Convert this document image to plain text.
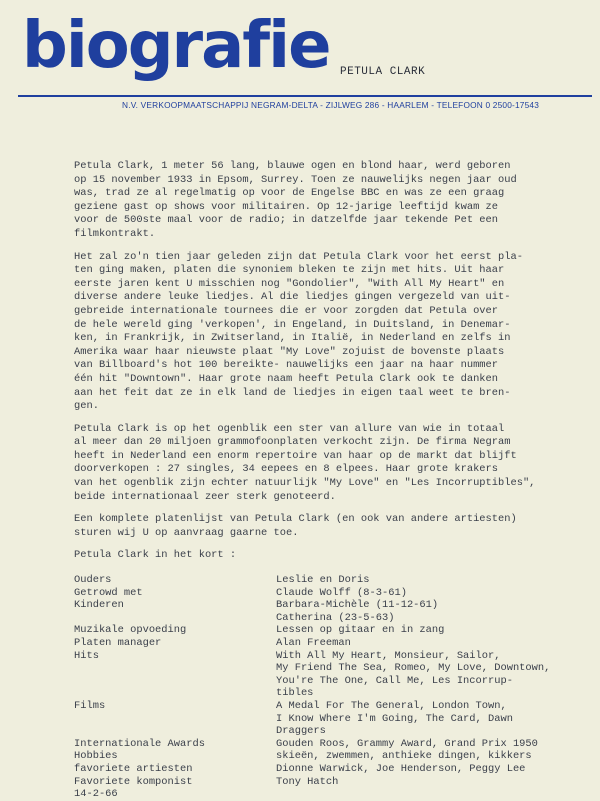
biografie PETULA CLARK
N.V. VERKOOPMAATSCHAPPIJ NEGRAM-DELTA - ZIJLWEG 286 - HAARLEM - TELEFOON 0 2500-17543

Petula Clark, 1 meter 56 lang, blauwe ogen en blond haar, werd geboren
op 15 november 1933 in Epsom, Surrey. Toen ze nauwelijks negen jaar oud
was, trad ze al regelmatig op voor de Engelse BBC en was ze een graag
geziene gast op shows voor militairen. Op 12-jarige leeftijd kwam ze
voor de 500ste maal voor de radio; in datzelfde jaar tekende Pet een
filmkontrakt.

Het zal zo'n tien jaar geleden zijn dat Petula Clark voor het eerst pla-
ten ging maken, platen die synoniem bleken te zijn met hits. Uit haar
eerste jaren kent U misschien nog "Gondolier", "With All My Heart" en
diverse andere leuke liedjes. Al die liedjes gingen vergezeld van uit-
gebreide internationale tournees die er voor zorgden dat Petula over
de hele wereld ging 'verkopen', in Engeland, in Duitsland, in Denemar-
ken, in Frankrijk, in Zwitserland, in Italië, in Nederland en zelfs in
Amerika waar haar nieuwste plaat "My Love" zojuist de bovenste plaats
van Billboard's hot 100 bereikte- nauwelijks een jaar na haar nummer
één hit "Downtown". Haar grote naam heeft Petula Clark ook te danken
aan het feit dat ze in elk land de liedjes in eigen taal weet te bren-
gen.

Petula Clark is op het ogenblik een ster van allure van wie in totaal
al meer dan 20 miljoen grammofoonplaten verkocht zijn. De firma Negram
heeft in Nederland een enorm repertoire van haar op de markt dat blijft
doorverkopen : 27 singles, 34 eepees en 8 elpees. Haar grote krakers
van het ogenblik zijn echter natuurlijk "My Love" en "Les Incorruptibles",
beide internationaal zeer sterk genoteerd.

Een komplete platenlijst van Petula Clark (en ook van andere artiesten)
sturen wij U op aanvraag gaarne toe.

Petula Clark in het kort :
Ouders	Leslie en Doris
Getrowd met	Claude Wolff (8-3-61)
Kinderen	Barbara-Michèle (11-12-61)
Catherina (23-5-63)
Muzikale opvoeding	Lessen op gitaar en in zang
Platen manager	Alan Freeman
Hits	With All My Heart, Monsieur, Sailor,
My Friend The Sea, Romeo, My Love, Downtown,
You're The One, Call Me, Les Incorrup-
tibles
Films	A Medal For The General, London Town,
I Know Where I'm Going, The Card, Dawn
Draggers
Internationale Awards	Gouden Roos, Grammy Award, Grand Prix 1950
Hobbies	skieën, zwemmen, anthieke dingen, kikkers
favoriete artiesten	Dionne Warwick, Joe Henderson, Peggy Lee
Favoriete komponist	Tony Hatch
14-2-66
